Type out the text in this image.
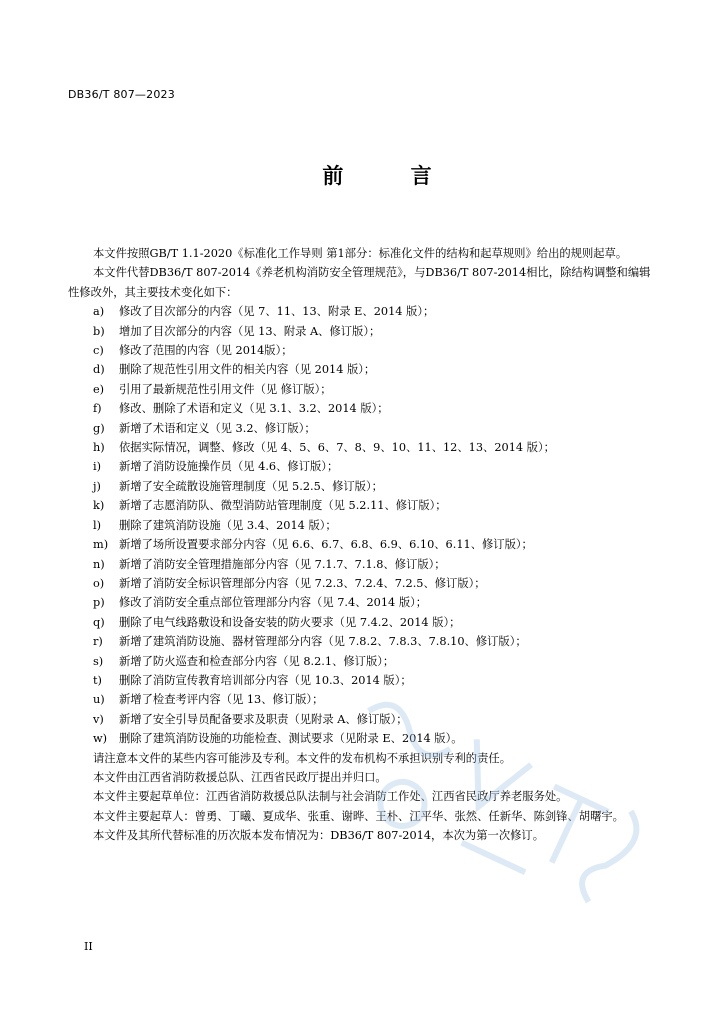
DB36/T 807—2023
前 言

本文件按照GB/T 1.1-2020《标准化工作导则 第1部分：标准化文件的结构和起草规则》给出的规则起草。

本文件代替DB36/T 807-2014《养老机构消防安全管理规范》，与DB36/T 807-2014相比，除结构调整和编辑性修改外，其主要技术变化如下：

a)	修改了目次部分的内容（见 7、11、13、附录 E、2014 版）；
b)	增加了目次部分的内容（见 13、附录 A、修订版）；
c)	修改了范围的内容（见 2014版）；
d)	删除了规范性引用文件的相关内容（见 2014 版）；
e)	引用了最新规范性引用文件（见 修订版）；
f)	修改、删除了术语和定义（见 3.1、3.2、2014 版）；
g)	新增了术语和定义（见 3.2、修订版）；
h)	依据实际情况，调整、修改（见 4、5、6、7、8、9、10、11、12、13、2014 版）；
i)	新增了消防设施操作员（见 4.6、修订版）；
j)	新增了安全疏散设施管理制度（见 5.2.5、修订版）；
k)	新增了志愿消防队、微型消防站管理制度（见 5.2.11、修订版）；
l)	删除了建筑消防设施（见 3.4、2014 版）；
m) 新增了场所设置要求部分内容（见 6.6、6.7、6.8、6.9、6.10、6.11、修订版）；
n)	新增了消防安全管理措施部分内容（见 7.1.7、7.1.8、修订版）；
o)	新增了消防安全标识管理部分内容（见 7.2.3、7.2.4、7.2.5、修订版）；
p)	修改了消防安全重点部位管理部分内容（见 7.4、2014 版）；
q)	删除了电气线路敷设和设备安装的防火要求（见 7.4.2、2014 版）；
r)	新增了建筑消防设施、器材管理部分内容（见 7.8.2、7.8.3、7.8.10、修订版）；
s)	新增了防火巡查和检查部分内容（见 8.2.1、修订版）；
t)	删除了消防宣传教育培训部分内容（见 10.3、2014 版）；
u)	新增了检查考评内容（见 13、修订版）；
v)	新增了安全引导员配备要求及职责（见附录 A、修订版）；
w)	删除了建筑消防设施的功能检查、测试要求（见附录 E、2014 版）。

请注意本文件的某些内容可能涉及专利。本文件的发布机构不承担识别专利的责任。

本文件由江西省消防救援总队、江西省民政厅提出并归口。

本文件主要起草单位：江西省消防救援总队法制与社会消防工作处、江西省民政厅养老服务处。

本文件主要起草人：曾勇、丁曦、夏成华、张重、谢晔、王朴、江平华、张然、任新华、陈剑锋、胡曙宇。

本文件及其所代替标准的历次版本发布情况为：DB36/T 807-2014，本次为第一次修订。

II
